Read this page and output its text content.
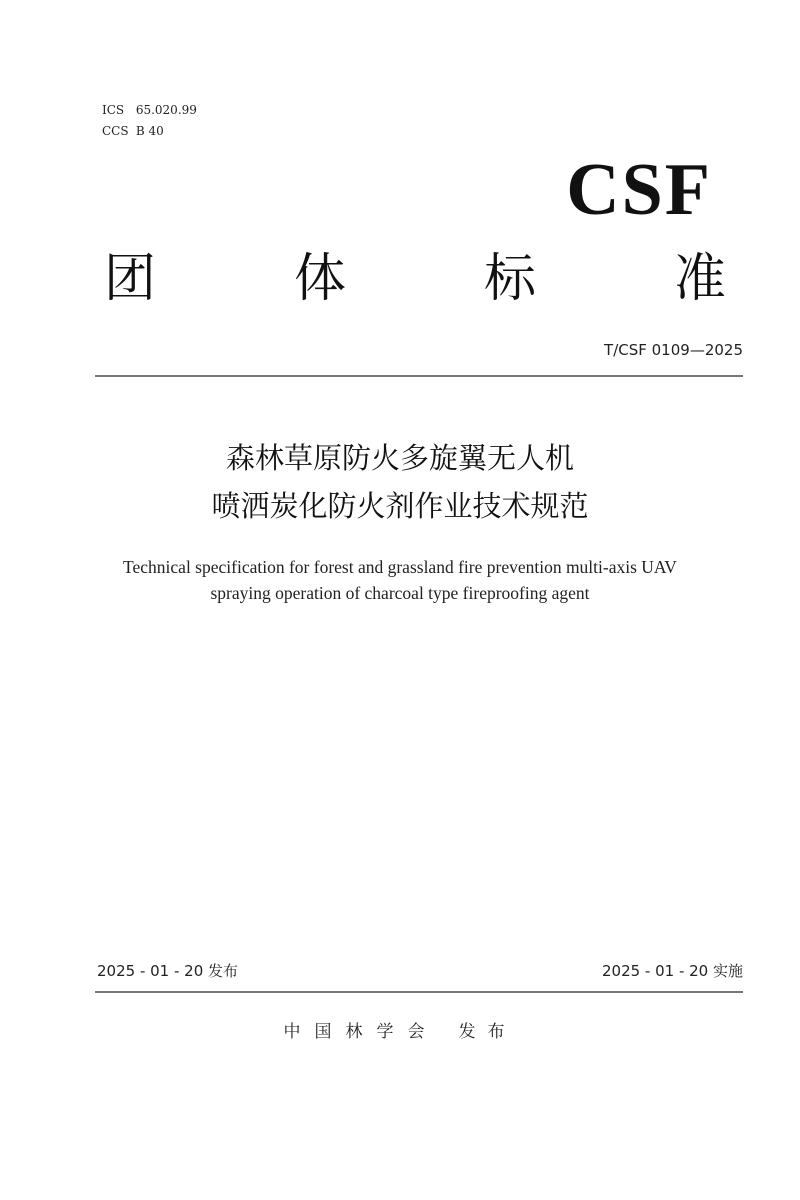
ICS 65.020.99
CCS B 40
CSF
团	体	标	准
T/CSF 0109—2025
森林草原防火多旋翼无人机
喷洒炭化防火剂作业技术规范
Technical specification for forest and grassland fire prevention multi-axis UAV
spraying operation of charcoal type fireproofing agent
2025 - 01 - 20 发布	2025 - 01 - 20 实施
中国林学会 发布
